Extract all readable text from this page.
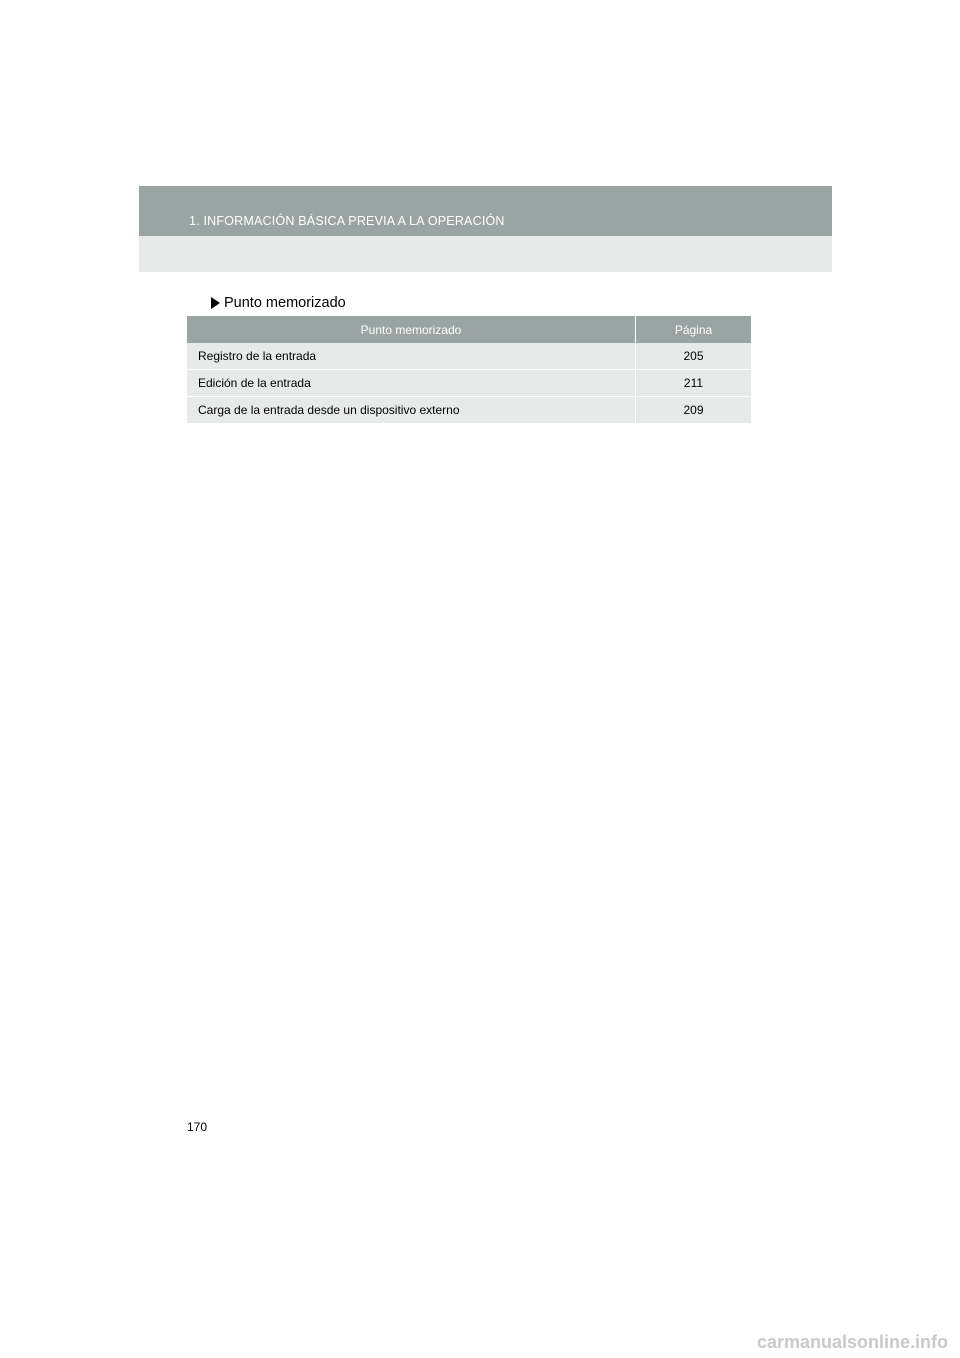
1. INFORMACIÓN BÁSICA PREVIA A LA OPERACIÓN
Punto memorizado
Punto memorizado	Página
Registro de la entrada	205
Edición de la entrada	211
Carga de la entrada desde un dispositivo externo	209
170
carmanualsonline.info
